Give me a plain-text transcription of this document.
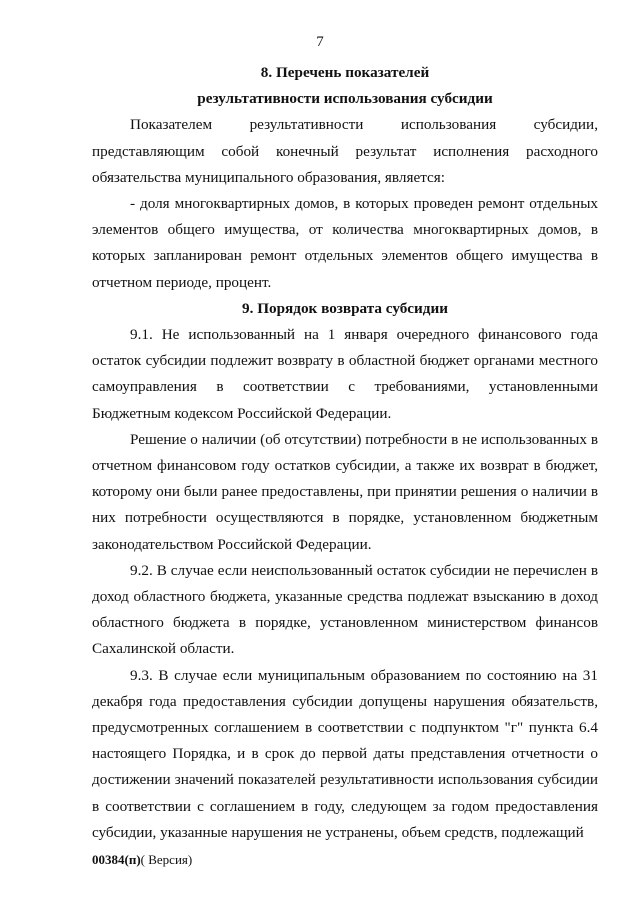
7

8. Перечень показателей
результативности использования субсидии

Показателем результативности использования субсидии, представляющим собой конечный результат исполнения расходного обязательства муниципального образования, является:

- доля многоквартирных домов, в которых проведен ремонт отдельных элементов общего имущества, от количества многоквартирных домов, в которых запланирован ремонт отдельных элементов общего имущества в отчетном периоде, процент.

9. Порядок возврата субсидии

9.1. Не использованный на 1 января очередного финансового года остаток субсидии подлежит возврату в областной бюджет органами местного самоуправления в соответствии с требованиями, установленными Бюджетным кодексом Российской Федерации.

Решение о наличии (об отсутствии) потребности в не использованных в отчетном финансовом году остатков субсидии, а также их возврат в бюджет, которому они были ранее предоставлены, при принятии решения о наличии в них потребности осуществляются в порядке, установленном бюджетным законодательством Российской Федерации.

9.2. В случае если неиспользованный остаток субсидии не перечислен в доход областного бюджета, указанные средства подлежат взысканию в доход областного бюджета в порядке, установленном министерством финансов Сахалинской области.

9.3. В случае если муниципальным образованием по состоянию на 31 декабря года предоставления субсидии допущены нарушения обязательств, предусмотренных соглашением в соответствии с подпунктом "г" пункта 6.4 настоящего Порядка, и в срок до первой даты представления отчетности о достижении значений показателей результативности использования субсидии в соответствии с соглашением в году, следующем за годом предоставления субсидии, указанные нарушения не устранены, объем средств, подлежащий

00384(п)( Версия)
